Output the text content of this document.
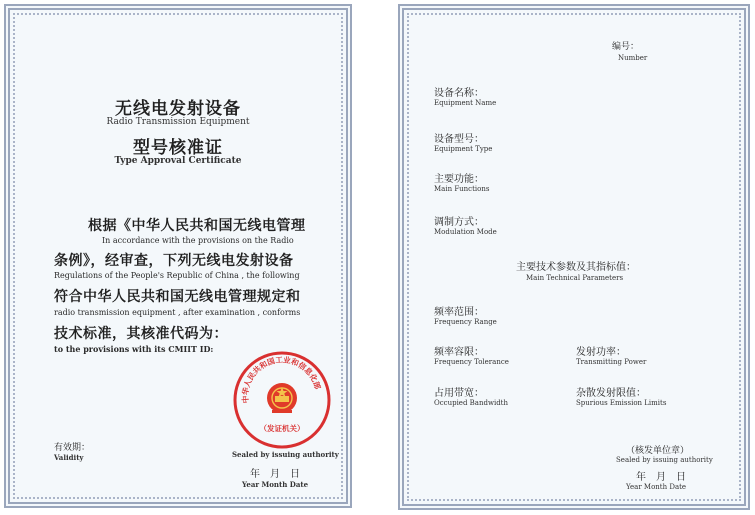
无线电发射设备
Radio Transmission Equipment
型号核准证
Type Approval Certificate
根据《中华人民共和国无线电管理
In accordance with the provisions on the Radio
条例》，经审查，下列无线电发射设备
Regulations of the People's Republic of China , the following
符合中华人民共和国无线电管理规定和
radio transmission equipment , after examination , conforms
技术标准，其核准代码为：
to the provisions with its CMIIT ID:
有效期：
Validity
中华人民共和国工业和信息化部
（发证机关）
Sealed by issuing authority
年　月　日
Year Month Date
编号：
Number
设备名称：
Equipment Name
设备型号：
Equipment Type
主要功能：
Main Functions
调制方式：
Modulation Mode
主要技术参数及其指标值：
Main Technical Parameters
频率范围：
Frequency Range
频率容限：
Frequency Tolerance
发射功率：
Transmitting Power
占用带宽：
Occupied Bandwidth
杂散发射限值：
Spurious Emission Limits
（核发单位章）
Sealed by issuing authority
年　月　日
Year Month Date
